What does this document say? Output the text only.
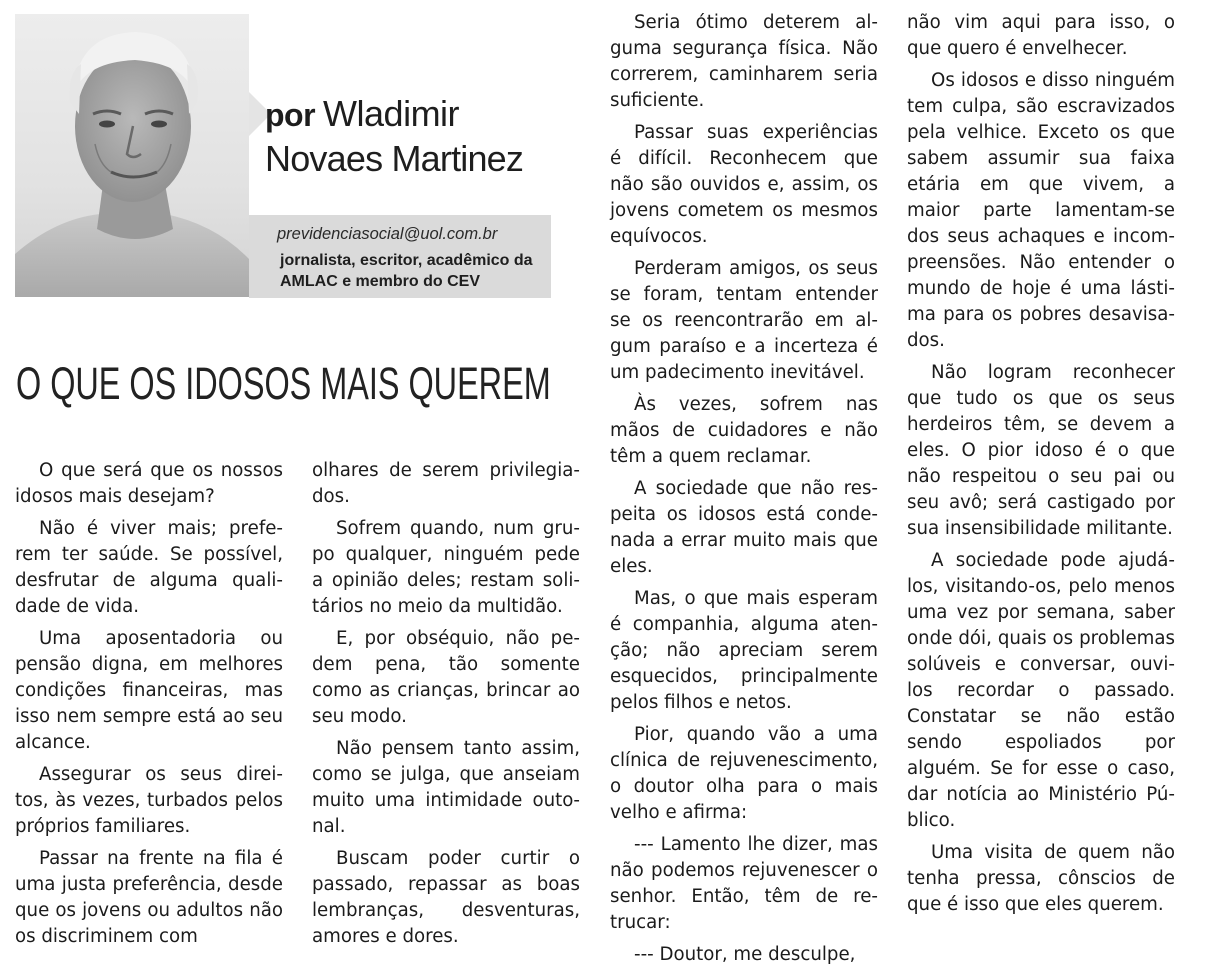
por Wladimir
Novaes Martinez
previdenciasocial@uol.com.br
jornalista, escritor, acadêmico da AMLAC e membro do CEV
O QUE OS IDOSOS MAIS QUEREM

O que será que os nossos idosos mais desejam?

Não é viver mais; preferem ter saúde. Se possível, desfrutar de alguma qualidade de vida.

Uma aposentadoria ou pensão digna, em melhores condições financeiras, mas isso nem sempre está ao seu alcance.

Assegurar os seus direitos, às vezes, turbados pelos próprios familiares.

Passar na frente na fila é uma justa preferência, desde que os jovens ou adultos não os discriminem com

olhares de serem privilegiados.

Sofrem quando, num grupo qualquer, ninguém pede a opinião deles; restam solitários no meio da multidão.

E, por obséquio, não pedem pena, tão somente como as crianças, brincar ao seu modo.

Não pensem tanto assim, como se julga, que anseiam muito uma intimidade outonal.

Buscam poder curtir o passado, repassar as boas lembranças, desventuras, amores e dores.

Seria ótimo deterem alguma segurança física. Não correrem, caminharem seria suficiente.

Passar suas experiências é difícil. Reconhecem que não são ouvidos e, assim, os jovens cometem os mesmos equívocos.

Perderam amigos, os seus se foram, tentam entender se os reencontrarão em algum paraíso e a incerteza é um padecimento inevitável.

Às vezes, sofrem nas mãos de cuidadores e não têm a quem reclamar.

A sociedade que não respeita os idosos está condenada a errar muito mais que eles.

Mas, o que mais esperam é companhia, alguma atenção; não apreciam serem esquecidos, principalmente pelos filhos e netos.

Pior, quando vão a uma clínica de rejuvenescimento, o doutor olha para o mais velho e afirma:

--- Lamento lhe dizer, mas não podemos rejuvenescer o senhor. Então, têm de retrucar:

--- Doutor, me desculpe,

não vim aqui para isso, o que quero é envelhecer.

Os idosos e disso ninguém tem culpa, são escravizados pela velhice. Exceto os que sabem assumir sua faixa etária em que vivem, a maior parte lamentam-se dos seus achaques e incompreensões. Não entender o mundo de hoje é uma lástima para os pobres desavisados.

Não logram reconhecer que tudo os que os seus herdeiros têm, se devem a eles. O pior idoso é o que não respeitou o seu pai ou seu avô; será castigado por sua insensibilidade militante.

A sociedade pode ajudá-los, visitando-os, pelo menos uma vez por semana, saber onde dói, quais os problemas solúveis e conversar, ouvi-los recordar o passado. Constatar se não estão sendo espoliados por alguém. Se for esse o caso, dar notícia ao Ministério Público.

Uma visita de quem não tenha pressa, cônscios de que é isso que eles querem.
